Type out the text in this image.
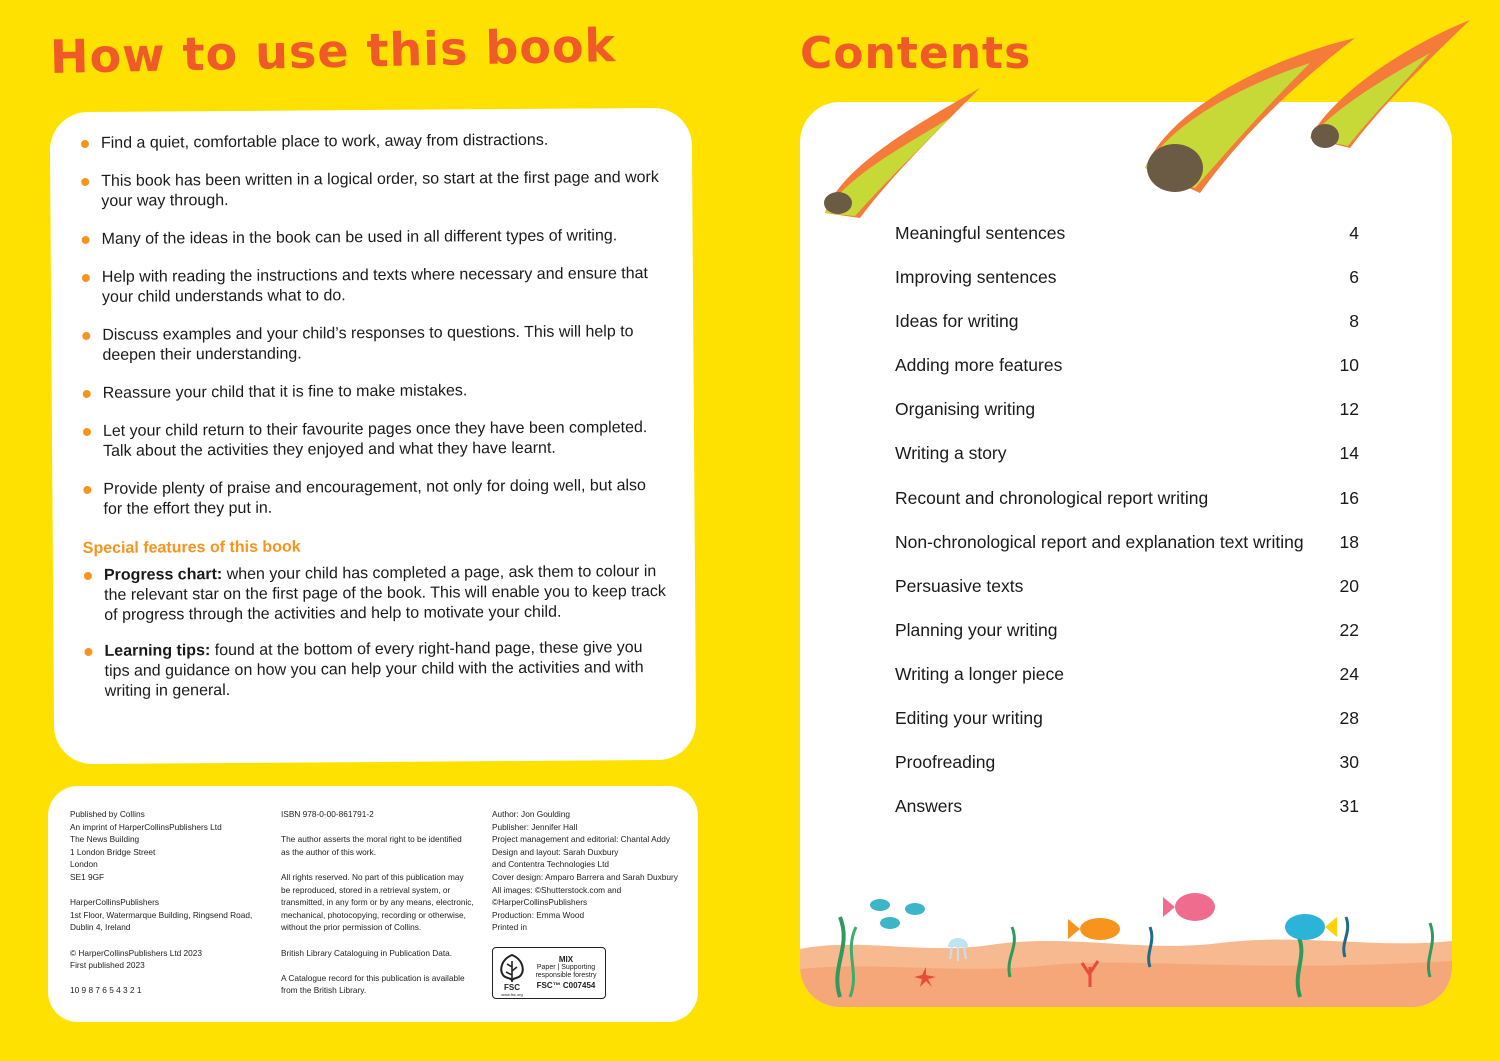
How to use this book	Contents
Find a quiet, comfortable place to work, away from distractions.
This book has been written in a logical order, so start at the first page and work your way through.
Many of the ideas in the book can be used in all different types of writing.
Help with reading the instructions and texts where necessary and ensure that your child understands what to do.
Discuss examples and your child’s responses to questions. This will help to deepen their understanding.
Reassure your child that it is fine to make mistakes.
Let your child return to their favourite pages once they have been completed. Talk about the activities they enjoyed and what they have learnt.
Provide plenty of praise and encouragement, not only for doing well, but also for the effort they put in.
Special features of this book
Progress chart: when your child has completed a page, ask them to colour in the relevant star on the first page of the book. This will enable you to keep track of progress through the activities and help to motivate your child.
Learning tips: found at the bottom of every right-hand page, these give you tips and guidance on how you can help your child with the activities and with writing in general.

Published by Collins
An imprint of HarperCollinsPublishers Ltd
The News Building
1 London Bridge Street
London
SE1 9GF

HarperCollinsPublishers
1st Floor, Watermarque Building, Ringsend Road,
Dublin 4, Ireland

© HarperCollinsPublishers Ltd 2023
First published 2023

10 9 8 7 6 5 4 3 2 1

ISBN 978-0-00-861791-2

The author asserts the moral right to be identified
as the author of this work.

All rights reserved. No part of this publication may
be reproduced, stored in a retrieval system, or
transmitted, in any form or by any means, electronic,
mechanical, photocopying, recording or otherwise,
without the prior permission of Collins.

British Library Cataloguing in Publication Data.

A Catalogue record for this publication is available
from the British Library.

Author: Jon Goulding
Publisher: Jennifer Hall
Project management and editorial: Chantal Addy
Design and layout: Sarah Duxbury
and Contentra Technologies Ltd
Cover design: Amparo Barrera and Sarah Duxbury
All images: ©Shutterstock.com and
©HarperCollinsPublishers
Production: Emma Wood
Printed in

FSC
www.fsc.org
MIX
Paper | Supporting
responsible forestry
FSC™ C007454
Meaningful sentences	4
Improving sentences	6
Ideas for writing	8
Adding more features	10
Organising writing	12
Writing a story	14
Recount and chronological report writing	16
Non-chronological report and explanation text writing 18
Persuasive texts	20
Planning your writing	22
Writing a longer piece	24
Editing your writing	28
Proofreading	30
Answers	31
